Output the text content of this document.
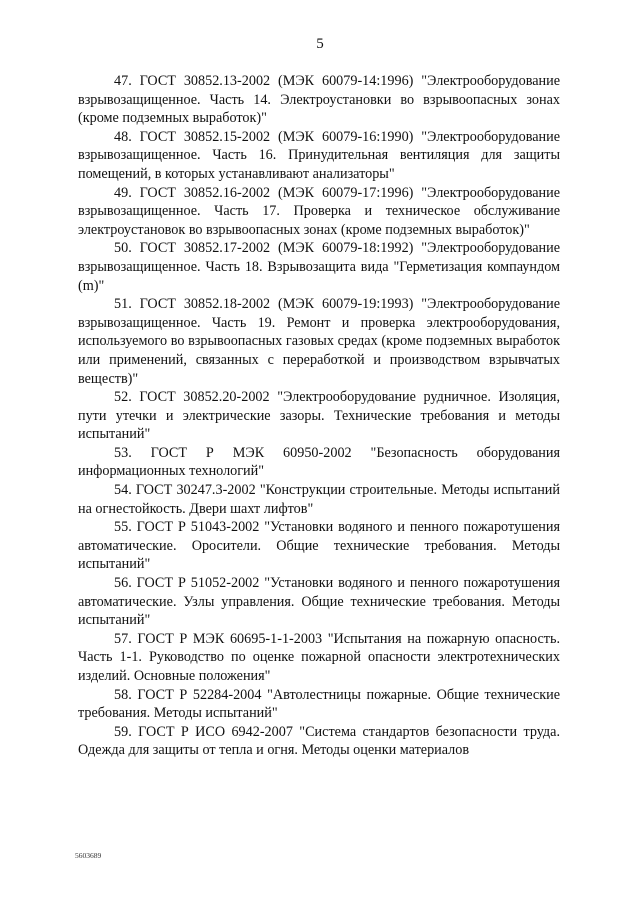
5

47. ГОСТ 30852.13-2002 (МЭК 60079-14:1996) "Электрооборудование взрывозащищенное. Часть 14. Электроустановки во взрывоопасных зонах (кроме подземных выработок)"

48. ГОСТ 30852.15-2002 (МЭК 60079-16:1990) "Электрооборудование взрывозащищенное. Часть 16. Принудительная вентиляция для защиты помещений, в которых устанавливают анализаторы"

49. ГОСТ 30852.16-2002 (МЭК 60079-17:1996) "Электрооборудование взрывозащищенное. Часть 17. Проверка и техническое обслуживание электроустановок во взрывоопасных зонах (кроме подземных выработок)"

50. ГОСТ 30852.17-2002 (МЭК 60079-18:1992) "Электрооборудование взрывозащищенное. Часть 18. Взрывозащита вида "Герметизация компаундом (m)"

51. ГОСТ 30852.18-2002 (МЭК 60079-19:1993) "Электрооборудование взрывозащищенное. Часть 19. Ремонт и проверка электрооборудования, используемого во взрывоопасных газовых средах (кроме подземных выработок или применений, связанных с переработкой и производством взрывчатых веществ)"

52. ГОСТ 30852.20-2002 "Электрооборудование рудничное. Изоляция, пути утечки и электрические зазоры. Технические требования и методы испытаний"

53. ГОСТ Р МЭК 60950-2002 "Безопасность оборудования информационных технологий"

54. ГОСТ 30247.3-2002 "Конструкции строительные. Методы испытаний на огнестойкость. Двери шахт лифтов"

55. ГОСТ Р 51043-2002 "Установки водяного и пенного пожаротушения автоматические. Оросители. Общие технические требования. Методы испытаний"

56. ГОСТ Р 51052-2002 "Установки водяного и пенного пожаротушения автоматические. Узлы управления. Общие технические требования. Методы испытаний"

57. ГОСТ Р МЭК 60695-1-1-2003 "Испытания на пожарную опасность. Часть 1-1. Руководство по оценке пожарной опасности электротехнических изделий. Основные положения"

58. ГОСТ Р 52284-2004 "Автолестницы пожарные. Общие технические требования. Методы испытаний"

59. ГОСТ Р ИСО 6942-2007 "Система стандартов безопасности труда. Одежда для защиты от тепла и огня. Методы оценки материалов

5603689
